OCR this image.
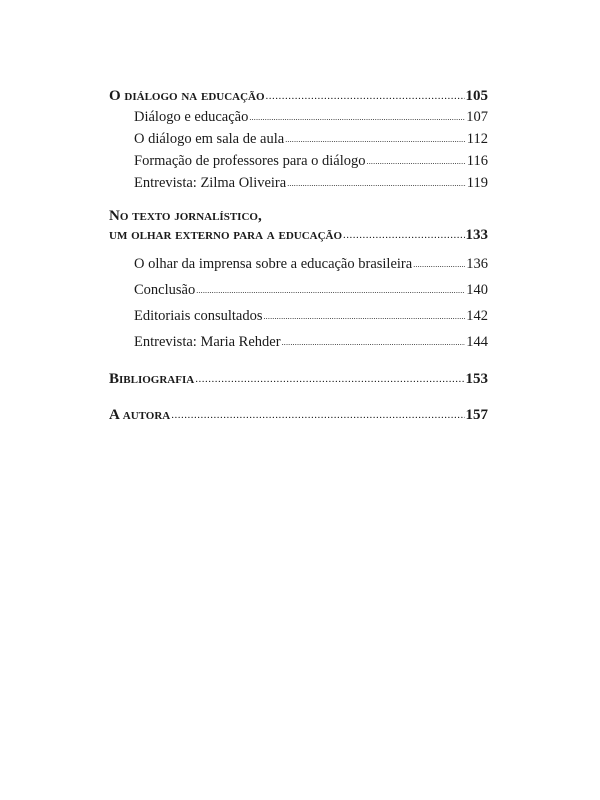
O diálogo na educação .....	105
Diálogo e educação .....	107
O diálogo em sala de aula .....	112
Formação de professores para o diálogo .....	116
Entrevista: Zilma Oliveira .....	119
No texto jornalístico,
um olhar externo para a educação .....	133
O olhar da imprensa sobre a educação brasileira .....	136
Conclusão .....	140
Editoriais consultados .....	142
Entrevista: Maria Rehder .....	144
Bibliografia .....	153
A autora .....	157
